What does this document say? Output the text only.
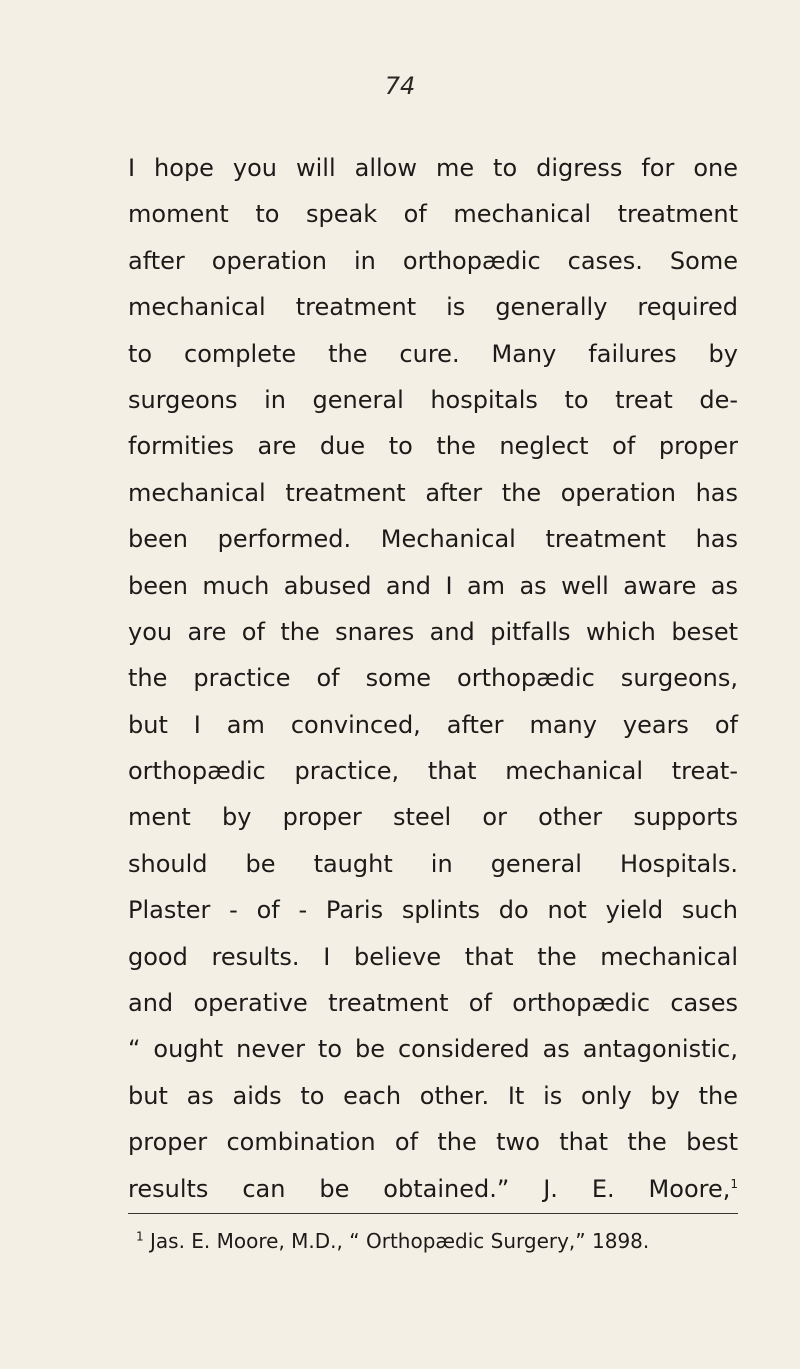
74
I hope you will allow me to digress for one
moment to speak of mechanical treatment
after operation in orthopædic cases. Some
mechanical treatment is generally required
to complete the cure. Many failures by
surgeons in general hospitals to treat de-
formities are due to the neglect of proper
mechanical treatment after the operation has
been performed. Mechanical treatment has
been much abused and I am as well aware as
you are of the snares and pitfalls which beset
the practice of some orthopædic surgeons,
but I am convinced, after many years of
orthopædic practice, that mechanical treat-
ment by proper steel or other supports
should be taught in general Hospitals.
Plaster - of - Paris splints do not yield such
good results. I believe that the mechanical
and operative treatment of orthopædic cases
“ ought never to be considered as antagonistic,
but as aids to each other. It is only by the
proper combination of the two that the best
results can be obtained.” J. E. Moore,$^1$
$^1$ Jas. E. Moore, M.D., “ Orthopædic Surgery,” 1898.
